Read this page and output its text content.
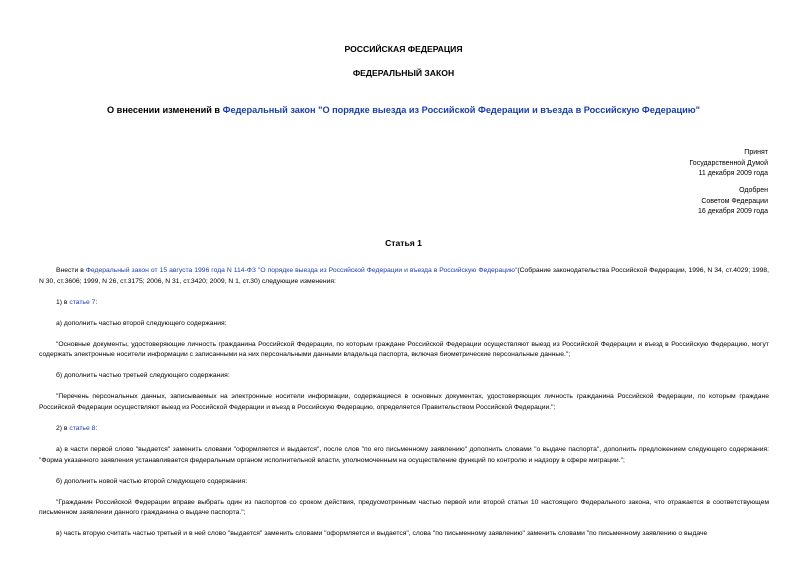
РОССИЙСКАЯ ФЕДЕРАЦИЯ
ФЕДЕРАЛЬНЫЙ ЗАКОН
О внесении изменений в Федеральный закон "О порядке выезда из Российской Федерации и въезда в Российскую Федерацию"
Принят
Государственной Думой
11 декабря 2009 года
Одобрен
Советом Федерации
16 декабря 2009 года
Статья 1

Внести в Федеральный закон от 15 августа 1996 года N 114-ФЗ "О порядке выезда из Российской Федерации и въезда в Российскую Федерацию"(Собрание законодательства Российской Федерации, 1996, N 34, ст.4029; 1998, N 30, ст.3606; 1999, N 26, ст.3175; 2006, N 31, ст.3420; 2009, N 1, ст.30) следующие изменения:

1) в статье 7:

а) дополнить частью второй следующего содержания:

"Основные документы, удостоверяющие личность гражданина Российской Федерации, по которым граждане Российской Федерации осуществляют выезд из Российской Федерации и въезд в Российскую Федерацию, могут содержать электронные носители информации с записанными на них персональными данными владельца паспорта, включая биометрические персональные данные.";

б) дополнить частью третьей следующего содержания:

"Перечень персональных данных, записываемых на электронные носители информации, содержащиеся в основных документах, удостоверяющих личность гражданина Российской Федерации, по которым граждане Российской Федерации осуществляют выезд из Российской Федерации и въезд в Российскую Федерацию, определяется Правительством Российской Федерации.";

2) в статье 8:

а) в части первой слово "выдается" заменить словами "оформляется и выдается", после слов "по его письменному заявлению" дополнить словами "о выдаче паспорта", дополнить предложением следующего содержания: "Форма указанного заявления устанавливается федеральным органом исполнительной власти, уполномоченным на осуществление функций по контролю и надзору в сфере миграции.";

б) дополнить новой частью второй следующего содержания:

"Гражданин Российской Федерации вправе выбрать один из паспортов со сроком действия, предусмотренным частью первой или второй статьи 10 настоящего Федерального закона, что отражается в соответствующем письменном заявлении данного гражданина о выдаче паспорта.";

в) часть вторую считать частью третьей и в ней слово "выдается" заменить словами "оформляется и выдается", слова "по письменному заявлению" заменить словами "по письменному заявлению о выдаче
